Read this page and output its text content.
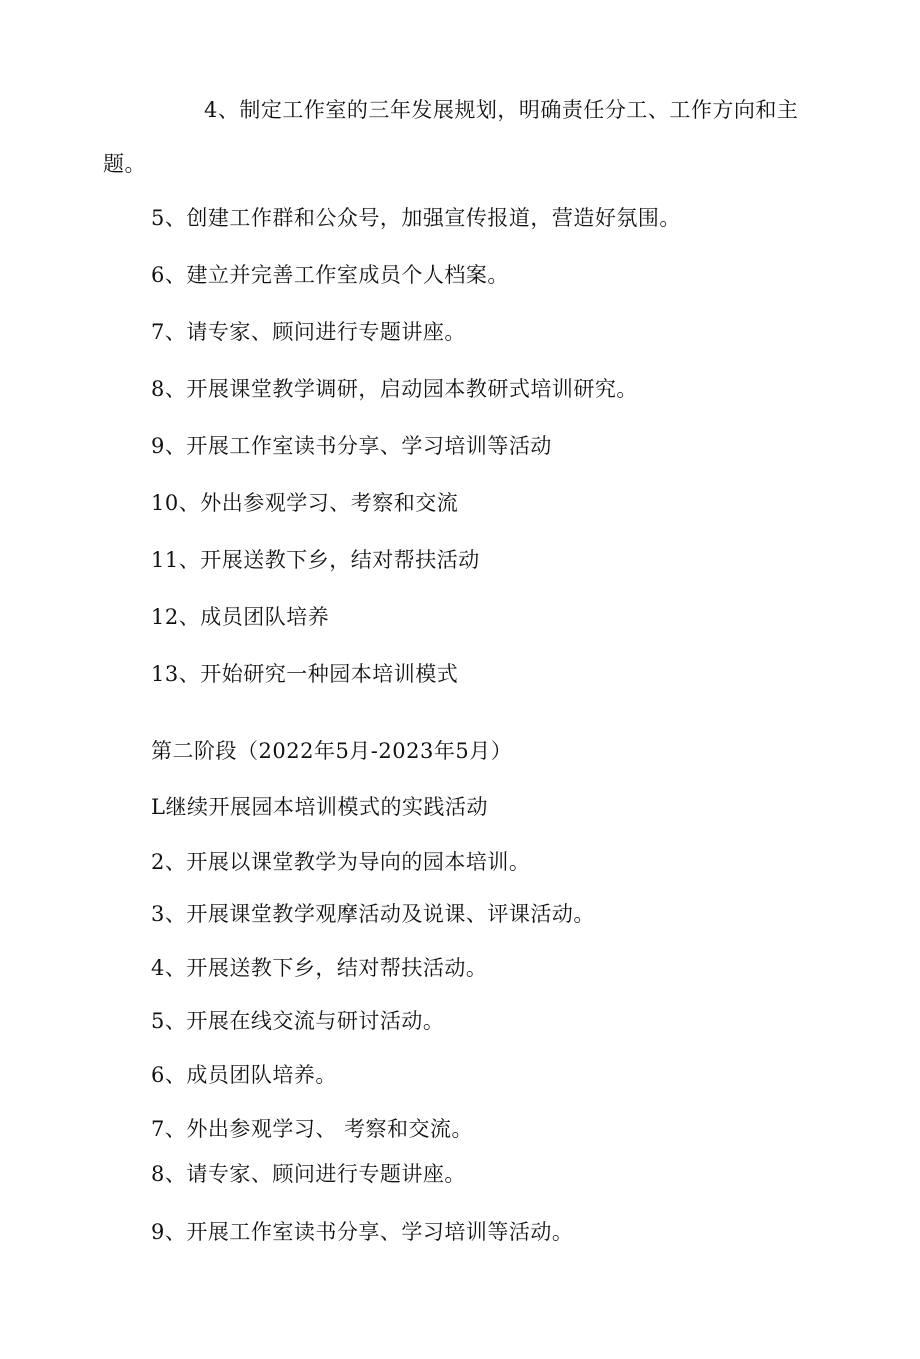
4、制定工作室的三年发展规划，明确责任分工、工作方向和主
题。
5、创建工作群和公众号，加强宣传报道，营造好氛围。
6、建立并完善工作室成员个人档案。
7、请专家、顾问进行专题讲座。
8、开展课堂教学调研，启动园本教研式培训研究。
9、开展工作室读书分享、学习培训等活动
10、外出参观学习、考察和交流
11、开展送教下乡，结对帮扶活动
12、成员团队培养
13、开始研究一种园本培训模式
第二阶段（2022年5月-2023年5月）
L继续开展园本培训模式的实践活动
2、开展以课堂教学为导向的园本培训。
3、开展课堂教学观摩活动及说课、评课活动。
4、开展送教下乡，结对帮扶活动。
5、开展在线交流与研讨活动。
6、成员团队培养。
7、外出参观学习、 考察和交流。
8、请专家、顾问进行专题讲座。
9、开展工作室读书分享、学习培训等活动。
